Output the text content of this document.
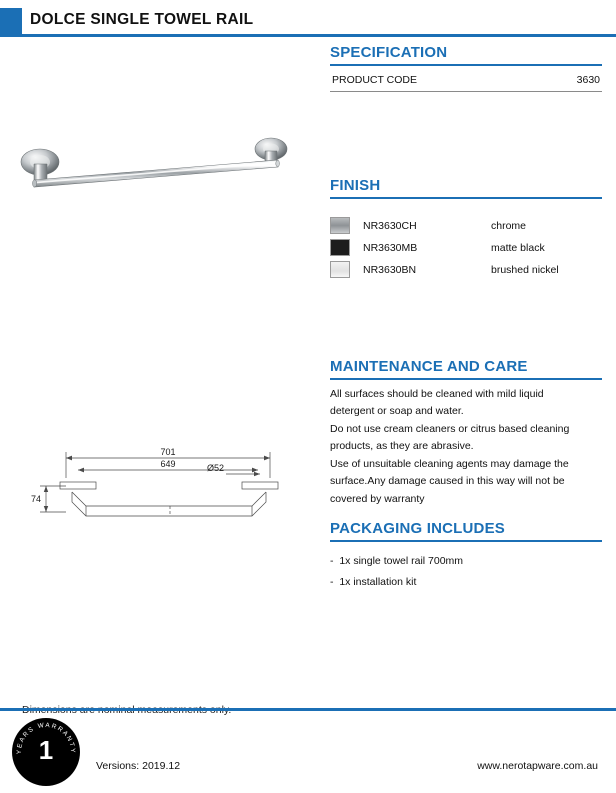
DOLCE SINGLE TOWEL RAIL
701
649	Ø52
74
SPECIFICATION
PRODUCT CODE	3630
FINISH
NR3630CH	chrome
NR3630MB	matte black
NR3630BN	brushed nickel
MAINTENANCE AND CARE

All surfaces should be cleaned with mild liquid

detergent or soap and water.

Do not use cream cleaners or citrus based cleaning

products, as they are abrasive.

Use of unsuitable cleaning agents may damage the

surface.Any damage caused in this way will not be

covered by warranty

PACKAGING INCLUDES
-  1x single towel rail 700mm
-  1x installation kit
YEARS WARRANTY
1
Versions: 2019.12	www.nerotapware.com.au
